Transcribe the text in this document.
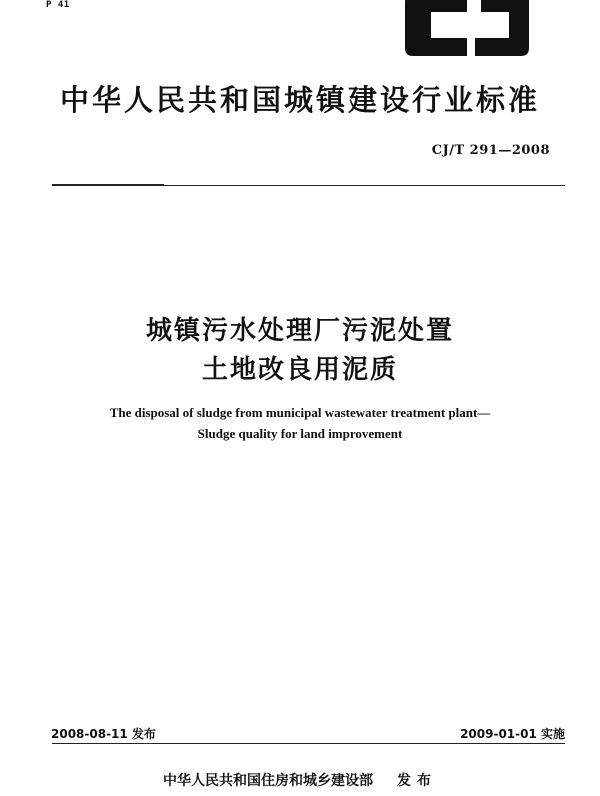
P 41
中华人民共和国城镇建设行业标准
CJ/T 291—2008
城镇污水处理厂污泥处置
土地改良用泥质
The disposal of sludge from municipal wastewater treatment plant—
Sludge quality for land improvement
2008-08-11 发布	2009-01-01 实施
中华人民共和国住房和城乡建设部 发布
